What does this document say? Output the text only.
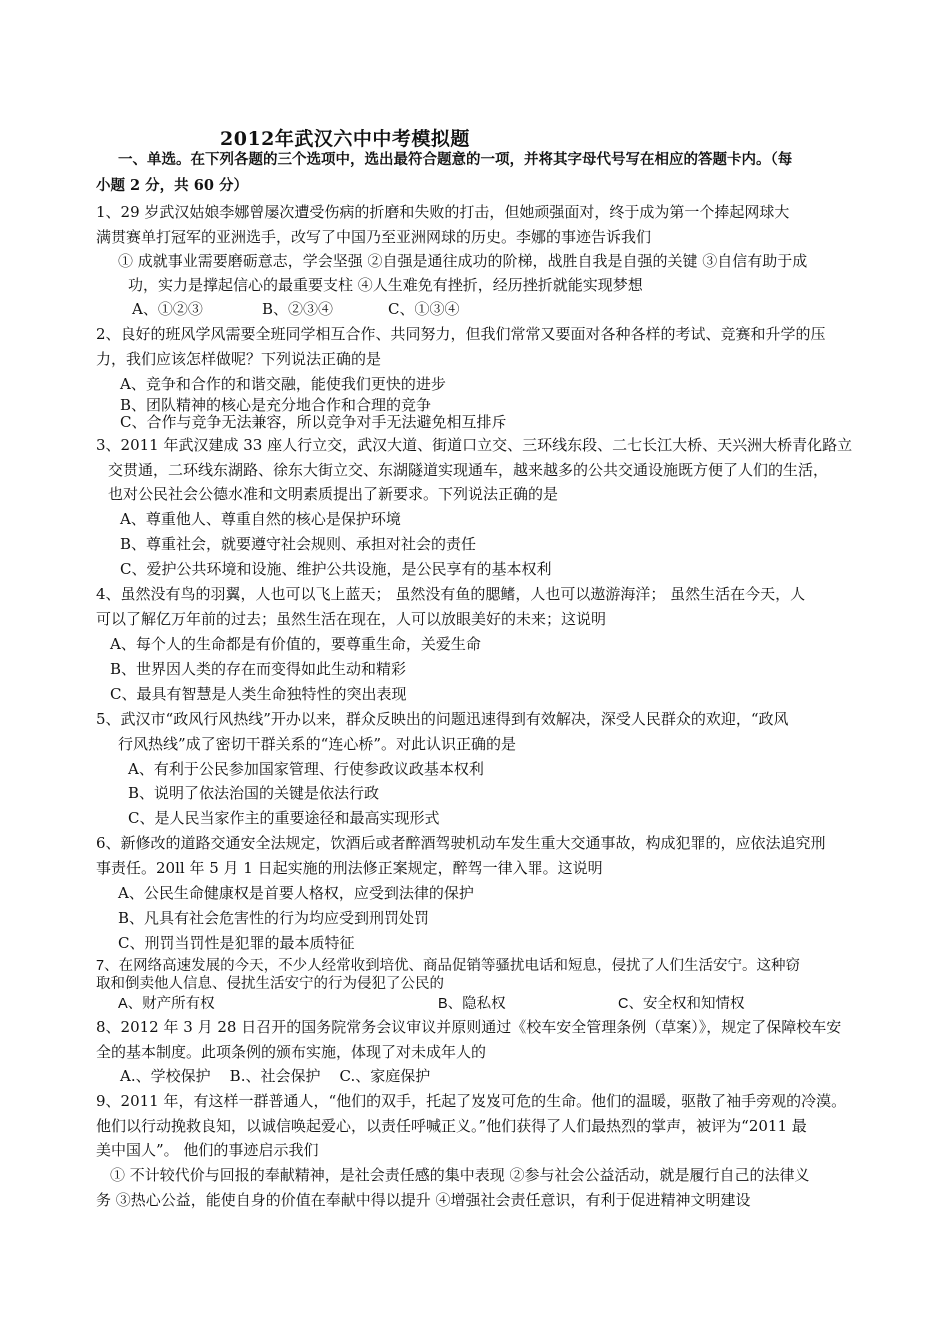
2012年武汉六中中考模拟题
一、单选。在下列各题的三个选项中，选出最符合题意的一项，并将其字母代号写在相应的答题卡内。（每
小题 2 分，共 60 分）
1、29 岁武汉姑娘李娜曾屡次遭受伤病的折磨和失败的打击，但她顽强面对，终于成为第一个捧起网球大
满贯赛单打冠军的亚洲选手，改写了中国乃至亚洲网球的历史。李娜的事迹告诉我们
① 成就事业需要磨砺意志，学会坚强 ②自强是通往成功的阶梯，战胜自我是自强的关键 ③自信有助于成
功，实力是撑起信心的最重要支柱 ④人生难免有挫折，经历挫折就能实现梦想
A、①②③	B、②③④	C、①③④
2、良好的班风学风需要全班同学相互合作、共同努力，但我们常常又要面对各种各样的考试、竞赛和升学的压
力，我们应该怎样做呢？下列说法正确的是
A、竞争和合作的和谐交融，能使我们更快的进步
B、团队精神的核心是充分地合作和合理的竞争
C、合作与竞争无法兼容，所以竞争对手无法避免相互排斥
3、2011 年武汉建成 33 座人行立交，武汉大道、街道口立交、三环线东段、二七长江大桥、天兴洲大桥青化路立
交贯通，二环线东湖路、徐东大街立交、东湖隧道实现通车，越来越多的公共交通设施既方便了人们的生活，
也对公民社会公德水准和文明素质提出了新要求。下列说法正确的是
A、尊重他人、尊重自然的核心是保护环境
B、尊重社会，就要遵守社会规则、承担对社会的责任
C、爱护公共环境和设施、维护公共设施，是公民享有的基本权利
4、虽然没有鸟的羽翼，人也可以飞上蓝天； 虽然没有鱼的腮鳍，人也可以遨游海洋； 虽然生活在今天，人
可以了解亿万年前的过去；虽然生活在现在，人可以放眼美好的未来；这说明
A、每个人的生命都是有价值的，要尊重生命，关爱生命
B、世界因人类的存在而变得如此生动和精彩
C、最具有智慧是人类生命独特性的突出表现
5、武汉市“政风行风热线”开办以来，群众反映出的问题迅速得到有效解决，深受人民群众的欢迎，“政风
行风热线”成了密切干群关系的“连心桥”。对此认识正确的是
A、有利于公民参加国家管理、行使参政议政基本权利
B、说明了依法治国的关键是依法行政
C、是人民当家作主的重要途径和最高实现形式
6、新修改的道路交通安全法规定，饮酒后或者醉酒驾驶机动车发生重大交通事故，构成犯罪的，应依法追究刑
事责任。20ll 年 5 月 1 日起实施的刑法修正案规定，醉驾一律入罪。这说明
A、公民生命健康权是首要人格权，应受到法律的保护
B、凡具有社会危害性的行为均应受到刑罚处罚
C、刑罚当罚性是犯罪的最本质特征
7、在网络高速发展的今天，不少人经常收到培优、商品促销等骚扰电话和短息，侵扰了人们生活安宁。这种窃
取和倒卖他人信息、侵扰生活安宁的行为侵犯了公民的
A、财产所有权	B、隐私权	C、安全权和知情权
8、2012 年 3 月 28 日召开的国务院常务会议审议并原则通过《校车安全管理条例（草案）》，规定了保障校车安
全的基本制度。此项条例的颁布实施，体现了对未成年人的
A.、学校保护    B.、社会保护    C.、家庭保护
9、2011 年，有这样一群普通人，“他们的双手，托起了岌岌可危的生命。他们的温暖，驱散了袖手旁观的冷漠。
他们以行动挽救良知，以诚信唤起爱心，以责任呼喊正义。”他们获得了人们最热烈的掌声，被评为“2011 最
美中国人”。 他们的事迹启示我们
① 不计较代价与回报的奉献精神，是社会责任感的集中表现 ②参与社会公益活动，就是履行自己的法律义
务 ③热心公益，能使自身的价值在奉献中得以提升 ④增强社会责任意识，有利于促进精神文明建设
